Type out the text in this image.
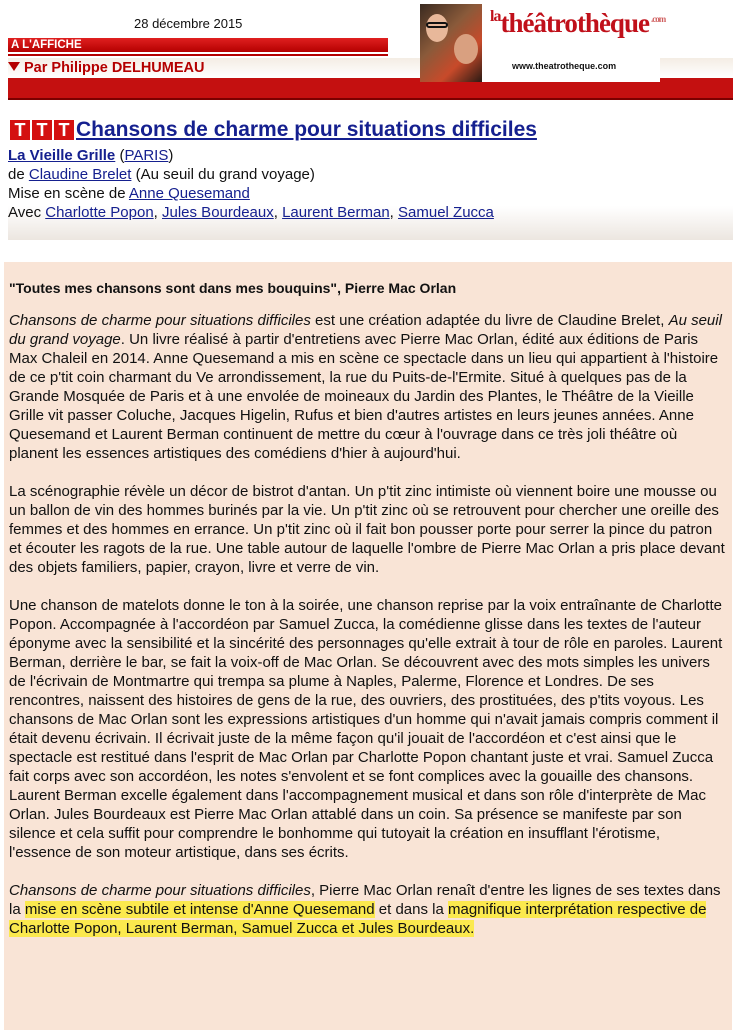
28 décembre 2015
A L'AFFICHE
Par Philippe DELHUMEAU
$^{la}$théâtrothèque $^{.com}$
www.theatrotheque.com
T T T Chansons de charme pour situations difficiles
La Vieille Grille (PARIS)
de Claudine Brelet (Au seuil du grand voyage)
Mise en scène de Anne Quesemand
Avec Charlotte Popon, Jules Bourdeaux, Laurent Berman, Samuel Zucca
"Toutes mes chansons sont dans mes bouquins", Pierre Mac Orlan

Chansons de charme pour situations difficiles est une création adaptée du livre de Claudine Brelet, Au seuil du grand voyage. Un livre réalisé à partir d'entretiens avec Pierre Mac Orlan, édité aux éditions de Paris Max Chaleil en 2014. Anne Quesemand a mis en scène ce spectacle dans un lieu qui appartient à l'histoire de ce p'tit coin charmant du Ve arrondissement, la rue du Puits-de-l'Ermite. Situé à quelques pas de la Grande Mosquée de Paris et à une envolée de moineaux du Jardin des Plantes, le Théâtre de la Vieille Grille vit passer Coluche, Jacques Higelin, Rufus et bien d'autres artistes en leurs jeunes années. Anne Quesemand et Laurent Berman continuent de mettre du cœur à l'ouvrage dans ce très joli théâtre où planent les essences artistiques des comédiens d'hier à aujourd'hui.

La scénographie révèle un décor de bistrot d'antan. Un p'tit zinc intimiste où viennent boire une mousse ou un ballon de vin des hommes burinés par la vie. Un p'tit zinc où se retrouvent pour chercher une oreille des femmes et des hommes en errance. Un p'tit zinc où il fait bon pousser porte pour serrer la pince du patron et écouter les ragots de la rue. Une table autour de laquelle l'ombre de Pierre Mac Orlan a pris place devant des objets familiers, papier, crayon, livre et verre de vin.

Une chanson de matelots donne le ton à la soirée, une chanson reprise par la voix entraînante de Charlotte Popon. Accompagnée à l'accordéon par Samuel Zucca, la comédienne glisse dans les textes de l'auteur éponyme avec la sensibilité et la sincérité des personnages qu'elle extrait à tour de rôle en paroles. Laurent Berman, derrière le bar, se fait la voix-off de Mac Orlan. Se découvrent avec des mots simples les univers de l'écrivain de Montmartre qui trempa sa plume à Naples, Palerme, Florence et Londres. De ses rencontres, naissent des histoires de gens de la rue, des ouvriers, des prostituées, des p'tits voyous. Les chansons de Mac Orlan sont les expressions artistiques d'un homme qui n'avait jamais compris comment il était devenu écrivain. Il écrivait juste de la même façon qu'il jouait de l'accordéon et c'est ainsi que le spectacle est restitué dans l'esprit de Mac Orlan par Charlotte Popon chantant juste et vrai. Samuel Zucca fait corps avec son accordéon, les notes s'envolent et se font complices avec la gouaille des chansons. Laurent Berman excelle également dans l'accompagnement musical et dans son rôle d'interprète de Mac Orlan. Jules Bourdeaux est Pierre Mac Orlan attablé dans un coin. Sa présence se manifeste par son silence et cela suffit pour comprendre le bonhomme qui tutoyait la création en insufflant l'érotisme, l'essence de son moteur artistique, dans ses écrits.

Chansons de charme pour situations difficiles, Pierre Mac Orlan renaît d'entre les lignes de ses textes dans la mise en scène subtile et intense d'Anne Quesemand et dans la magnifique interprétation respective de Charlotte Popon, Laurent Berman, Samuel Zucca et Jules Bourdeaux.
